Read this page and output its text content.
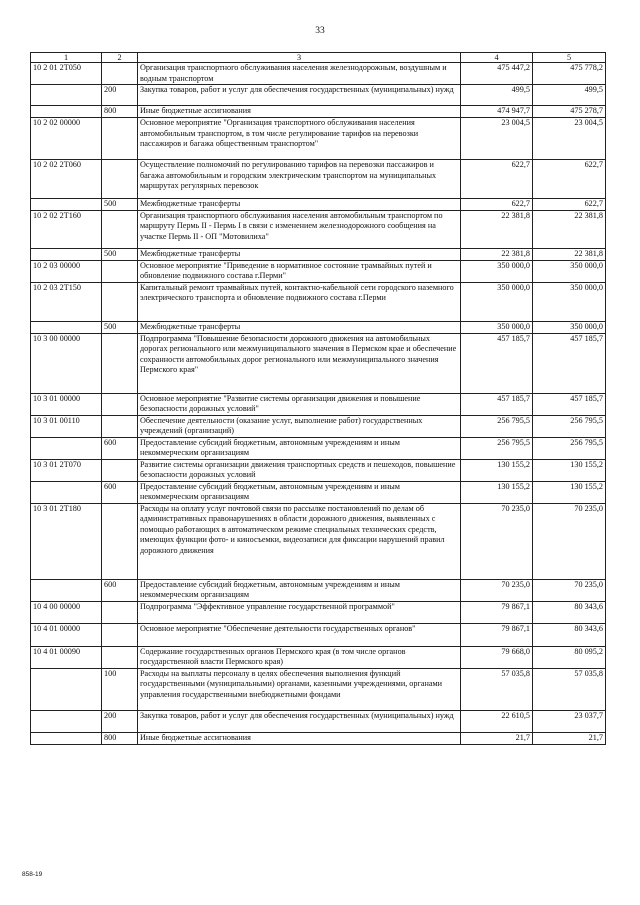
33
1	2	3	4	5
10 2 01 2Т050		Организация транспортного обслуживания населения железнодорожным, воздушным и водным транспортом	475 447,2	475 778,2
	200	Закупка товаров, работ и услуг для обеспечения государственных (муниципальных) нужд	499,5	499,5
	800	Иные бюджетные ассигнования	474 947,7	475 278,7
10 2 02 00000		Основное мероприятие "Организация транспортного обслуживания населения автомобильным транспортом, в том числе регулирование тарифов на перевозки пассажиров и багажа общественным транспортом"	23 004,5	23 004,5
10 2 02 2Т060		Осуществление полномочий по регулированию тарифов на перевозки пассажиров и багажа автомобильным и городским электрическим транспортом на муниципальных маршрутах регулярных перевозок	622,7	622,7
	500	Межбюджетные трансферты	622,7	622,7
10 2 02 2Т160		Организация транспортного обслуживания населения автомобильным транспортом по маршруту Пермь II - Пермь I в связи с изменением железнодорожного сообщения на участке Пермь II - ОП "Мотовилиха"	22 381,8	22 381,8
	500	Межбюджетные трансферты	22 381,8	22 381,8
10 2 03 00000		Основное мероприятие "Приведение в нормативное состояние трамвайных путей и обновление подвижного состава г.Перми"	350 000,0	350 000,0
10 2 03 2Т150		Капитальный ремонт трамвайных путей, контактно-кабельной сети городского наземного электрического транспорта и обновление подвижного состава г.Перми	350 000,0	350 000,0
	500	Межбюджетные трансферты	350 000,0	350 000,0
10 3 00 00000		Подпрограмма "Повышение безопасности дорожного движения на автомобильных дорогах регионального или межмуниципального значения в Пермском крае и обеспечение сохранности автомобильных дорог регионального или межмуниципального значения Пермского края"	457 185,7	457 185,7
10 3 01 00000		Основное мероприятие "Развитие системы организации движения и повышение безопасности дорожных условий"	457 185,7	457 185,7
10 3 01 00110		Обеспечение деятельности (оказание услуг, выполнение работ) государственных учреждений (организаций)	256 795,5	256 795,5
	600	Предоставление субсидий бюджетным, автономным учреждениям и иным некоммерческим организациям	256 795,5	256 795,5
10 3 01 2Т070		Развитие системы организации движения транспортных средств и пешеходов, повышение безопасности дорожных условий	130 155,2	130 155,2
	600	Предоставление субсидий бюджетным, автономным учреждениям и иным некоммерческим организациям	130 155,2	130 155,2
10 3 01 2Т180		Расходы на оплату услуг почтовой связи по рассылке постановлений по делам об административных правонарушениях в области дорожного движения, выявленных с помощью работающих в автоматическом режиме специальных технических средств, имеющих функции фото- и киносъемки, видеозаписи для фиксации нарушений правил дорожного движения	70 235,0	70 235,0
	600	Предоставление субсидий бюджетным, автономным учреждениям и иным некоммерческим организациям	70 235,0	70 235,0
10 4 00 00000		Подпрограмма "Эффективное управление государственной программой"	79 867,1	80 343,6
10 4 01 00000		Основное мероприятие "Обеспечение деятельности государственных органов"	79 867,1	80 343,6
10 4 01 00090		Содержание государственных органов Пермского края (в том числе органов государственной власти Пермского края)	79 668,0	80 095,2
	100	Расходы на выплаты персоналу в целях обеспечения выполнения функций государственными (муниципальными) органами, казенными учреждениями, органами управления государственными внебюджетными фондами	57 035,8	57 035,8
	200	Закупка товаров, работ и услуг для обеспечения государственных (муниципальных) нужд	22 610,5	23 037,7
	800	Иные бюджетные ассигнования	21,7	21,7
858-19
